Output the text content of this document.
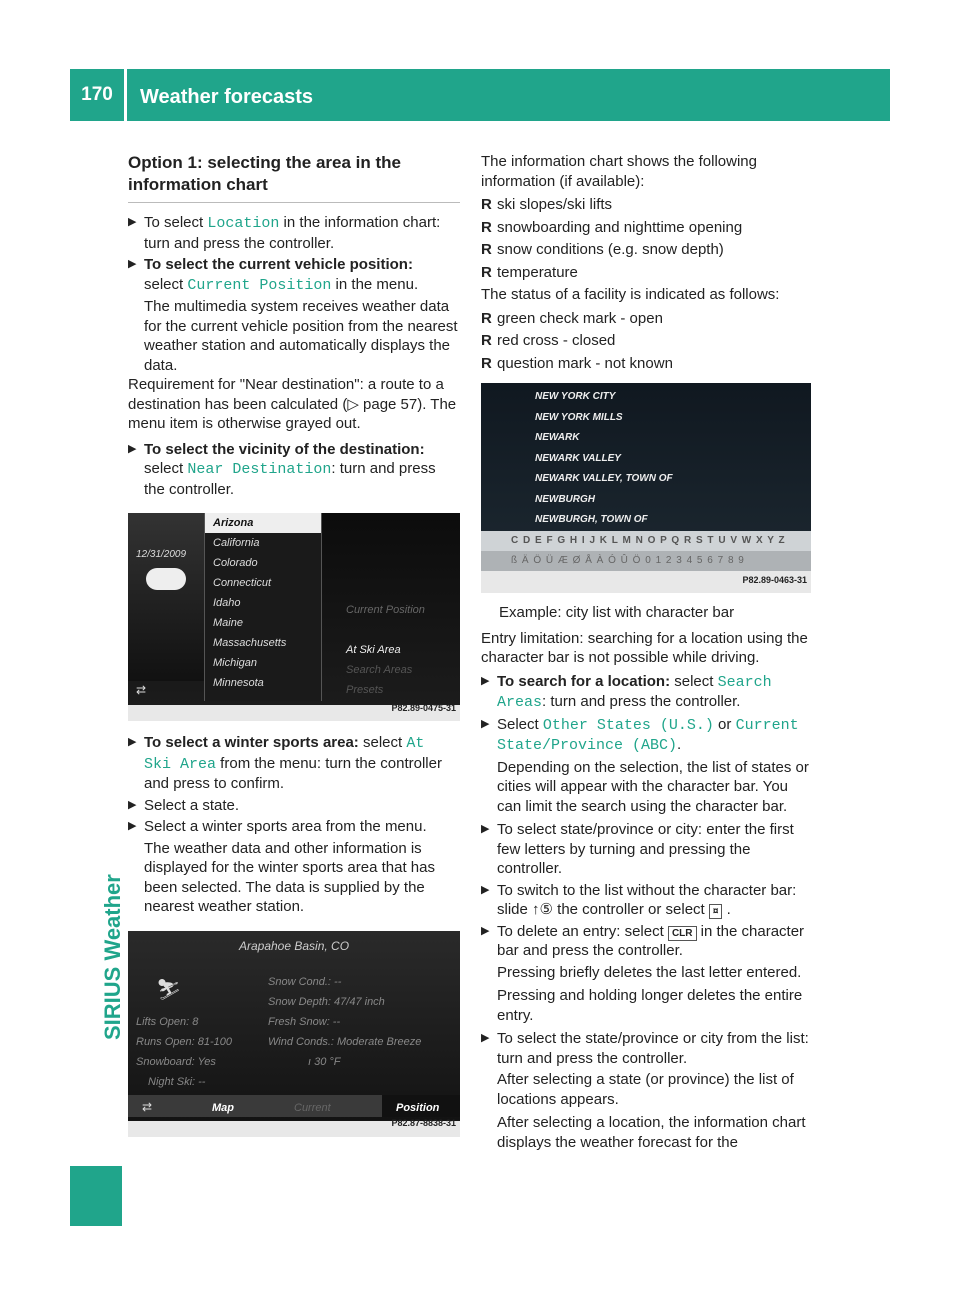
170	Weather forecasts
SIRIUS Weather
Option 1: selecting the area in the information chart
▶ To select Location in the information chart: turn and press the controller.
▶ To select the current vehicle position:
select Current Position in the menu.

The multimedia system receives weather data for the current vehicle position from the nearest weather station and automatically displays the data.

Requirement for "Near destination": a route to a destination has been calculated (▷ page 57). The menu item is otherwise grayed out.

▶ To select the vicinity of the destination:
select Near Destination: turn and press the controller.
12/31/2009
Arizona
California
Colorado
Connecticut
Idaho
Maine
Massachusetts
Michigan
Minnesota
Current Position
At Ski Area
Search Areas
Presets
⇄
P82.89-0475-31
▶ To select a winter sports area: select At Ski Area from the menu: turn the controller and press to confirm.
▶ Select a state.
▶ Select a winter sports area from the menu.

The weather data and other information is displayed for the winter sports area that has been selected. The data is supplied by the nearest weather station.

Arapahoe Basin, CO
⛷	Snow Cond.: --
Snow Depth: 47/47 inch
Lifts Open: 8	Fresh Snow: --
Runs Open: 81-100	Wind Conds.: Moderate Breeze
Snowboard: Yes	ı 30 °F
Night Ski: --
⇄	Map	Current	Position
P82.87-8838-31

The information chart shows the following information (if available):

R ski slopes/ski lifts
R snowboarding and nighttime opening
R snow conditions (e.g. snow depth)
R temperature

The status of a facility is indicated as follows:

R green check mark - open
R red cross - closed
R question mark - not known
NEW YORK CITY
NEW YORK MILLS
NEWARK
NEWARK VALLEY
NEWARK VALLEY, TOWN OF
NEWBURGH
NEWBURGH, TOWN OF
C D E F G H I J K L M N O P Q R S T U V W X Y Z
ß Ä Ö Ü Æ Ø Å À Ó Û Ö 0 1 2 3 4 5 6 7 8 9
P82.89-0463-31

Example: city list with character bar

Entry limitation: searching for a location using the character bar is not possible while driving.

▶ To search for a location: select Search Areas: turn and press the controller.
▶ Select Other States (U.S.) or Current State/Province (ABC).

Depending on the selection, the list of states or cities will appear with the character bar. You can limit the search using the character bar.

▶ To select state/province or city: enter the first few letters by turning and pressing the controller.
▶ To switch to the list without the character bar: slide ↑⑤ the controller or select ¤ .
▶ To delete an entry: select CLR in the character bar and press the controller.

Pressing briefly deletes the last letter entered.

Pressing and holding longer deletes the entire entry.

▶ To select the state/province or city from the list: turn and press the controller.

After selecting a state (or province) the list of locations appears.

After selecting a location, the information chart displays the weather forecast for the
